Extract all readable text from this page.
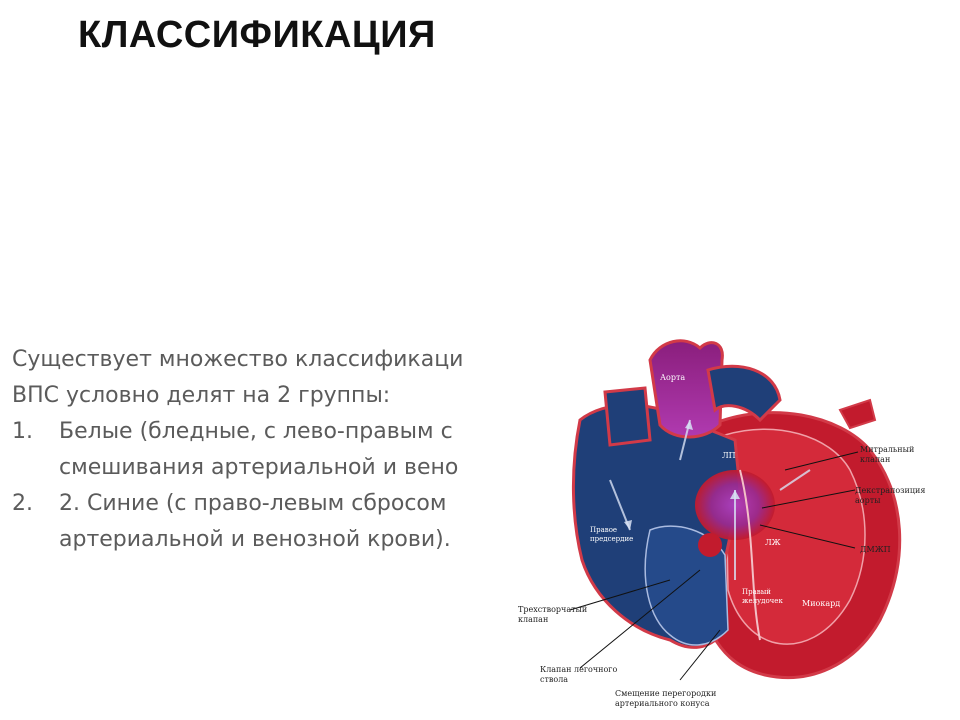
КЛАССИФИКАЦИЯ
Существует множество классификаци
ВПС условно делят на 2 группы:
1.	Белые (бледные, с лево-правым с
смешивания артериальной и вено
2.	2. Синие (с право-левым сбросом
артериальной и венозной крови).
Аорта
ЛП
ЛЖ
Правое
предсердие
Правый
желудочек Миокард
Митральный
клапан
Декстрапозиция
аорты
ДМЖП
Трехстворчатый
клапан
Клапан легочного
ствола
Смещение перегородки
артериального конуса
